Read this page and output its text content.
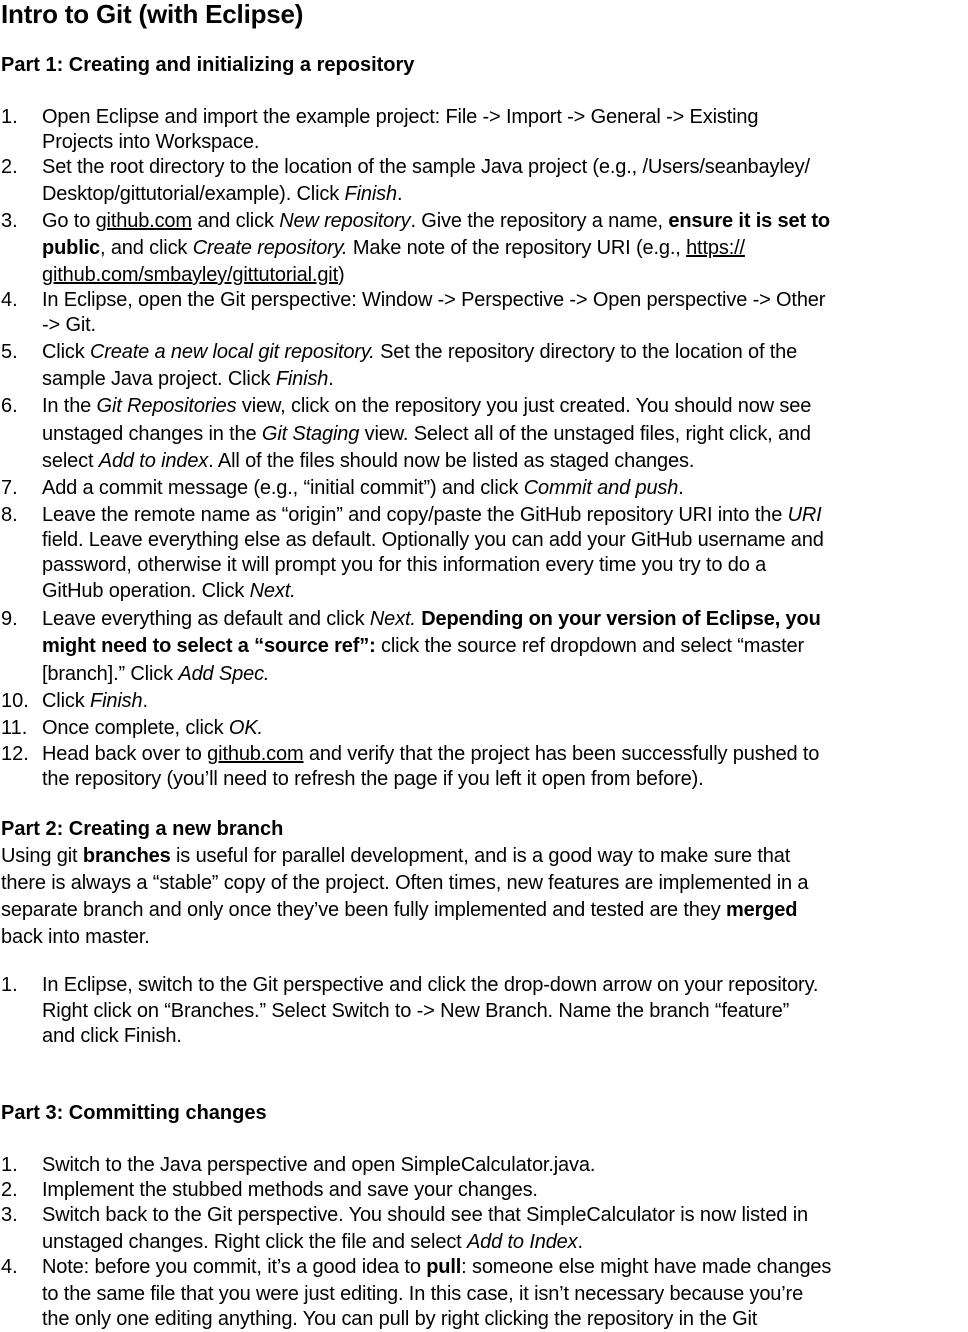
Intro to Git (with Eclipse)
Part 1: Creating and initializing a repository
1. Open Eclipse and import the example project: File -> Import -> General -> Existing
Projects into Workspace.
2. Set the root directory to the location of the sample Java project (e.g., /Users/seanbayley/
Desktop/gittutorial/example). Click Finish.
3. Go to github.com and click New repository. Give the repository a name, ensure it is set to
public, and click Create repository. Make note of the repository URI (e.g., https://
github.com/smbayley/gittutorial.git)
4. In Eclipse, open the Git perspective: Window -> Perspective -> Open perspective -> Other
-> Git.
5. Click Create a new local git repository. Set the repository directory to the location of the
sample Java project. Click Finish.
6. In the Git Repositories view, click on the repository you just created. You should now see
unstaged changes in the Git Staging view. Select all of the unstaged files, right click, and
select Add to index. All of the files should now be listed as staged changes.
7. Add a commit message (e.g., “initial commit”) and click Commit and push.
8. Leave the remote name as “origin” and copy/paste the GitHub repository URI into the URI
field. Leave everything else as default. Optionally you can add your GitHub username and
password, otherwise it will prompt you for this information every time you try to do a
GitHub operation. Click Next.
9. Leave everything as default and click Next. Depending on your version of Eclipse, you
might need to select a “source ref”: click the source ref dropdown and select “master
[branch].” Click Add Spec.
10. Click Finish.
11. Once complete, click OK.
12. Head back over to github.com and verify that the project has been successfully pushed to
the repository (you’ll need to refresh the page if you left it open from before).
Part 2: Creating a new branch
Using git branches is useful for parallel development, and is a good way to make sure that
there is always a “stable” copy of the project. Often times, new features are implemented in a
separate branch and only once they’ve been fully implemented and tested are they merged
back into master.
1. In Eclipse, switch to the Git perspective and click the drop-down arrow on your repository.
Right click on “Branches.” Select Switch to -> New Branch. Name the branch “feature”
and click Finish.
Part 3: Committing changes
1. Switch to the Java perspective and open SimpleCalculator.java.
2. Implement the stubbed methods and save your changes.
3. Switch back to the Git perspective. You should see that SimpleCalculator is now listed in
unstaged changes. Right click the file and select Add to Index.
4. Note: before you commit, it’s a good idea to pull: someone else might have made changes
to the same file that you were just editing. In this case, it isn’t necessary because you’re
the only one editing anything. You can pull by right clicking the repository in the Git
